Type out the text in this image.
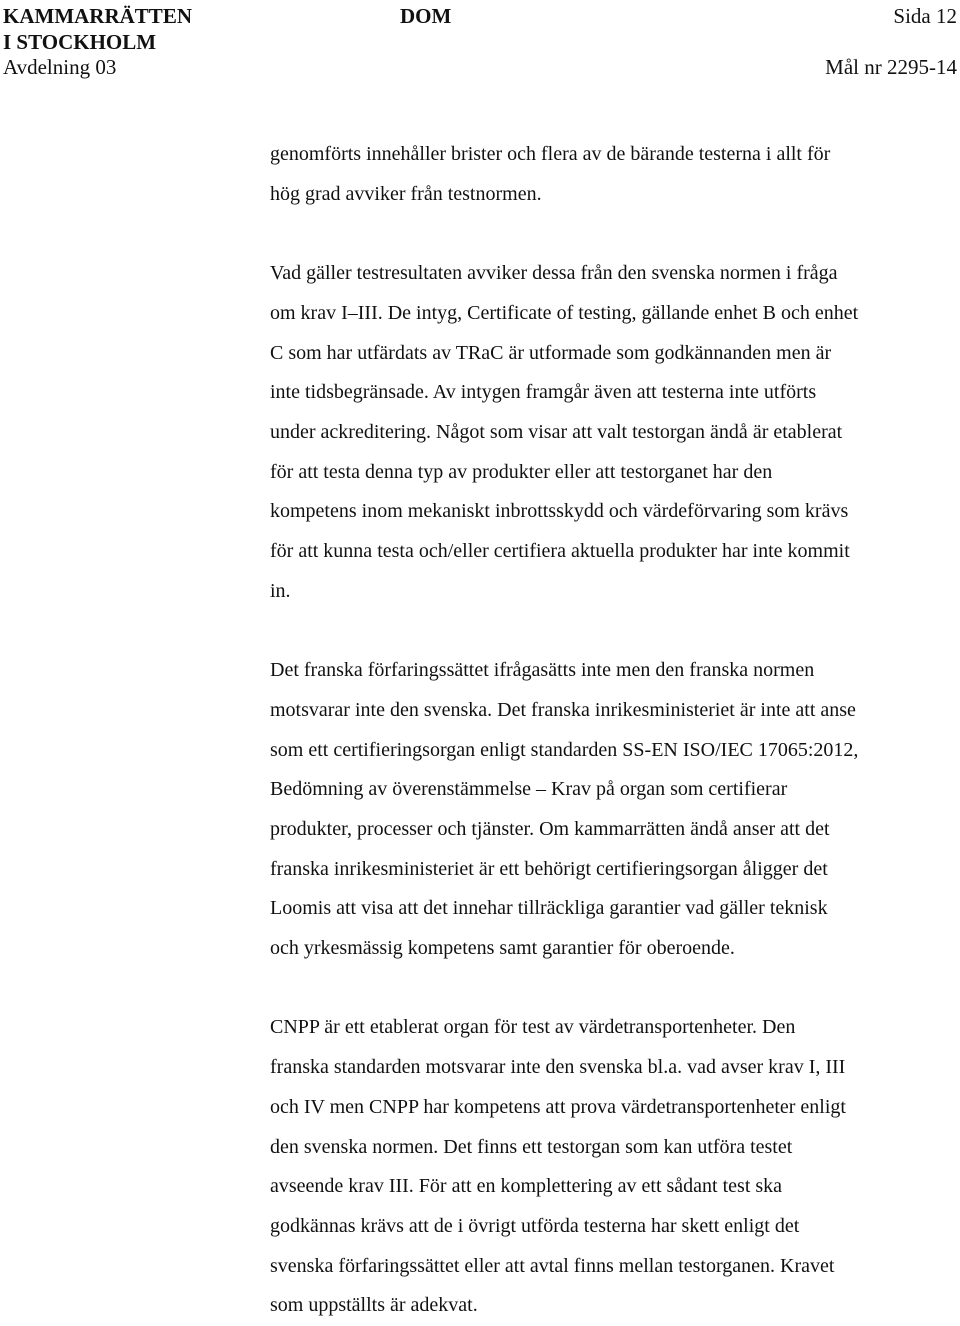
KAMMARRÄTTEN
I STOCKHOLM
Avdelning 03
DOM	Sida 12
Mål nr 2295-14

genomförts innehåller brister och flera av de bärande testerna i allt för
hög grad avviker från testnormen.

Vad gäller testresultaten avviker dessa från den svenska normen i fråga
om krav I–III. De intyg, Certificate of testing, gällande enhet B och enhet
C som har utfärdats av TRaC är utformade som godkännanden men är
inte tidsbegränsade. Av intygen framgår även att testerna inte utförts
under ackreditering. Något som visar att valt testorgan ändå är etablerat
för att testa denna typ av produkter eller att testorganet har den
kompetens inom mekaniskt inbrottsskydd och värdeförvaring som krävs
för att kunna testa och/eller certifiera aktuella produkter har inte kommit
in.

Det franska förfaringssättet ifrågasätts inte men den franska normen
motsvarar inte den svenska. Det franska inrikesministeriet är inte att anse
som ett certifieringsorgan enligt standarden SS-EN ISO/IEC 17065:2012,
Bedömning av överenstämmelse – Krav på organ som certifierar
produkter, processer och tjänster. Om kammarrätten ändå anser att det
franska inrikesministeriet är ett behörigt certifieringsorgan åligger det
Loomis att visa att det innehar tillräckliga garantier vad gäller teknisk
och yrkesmässig kompetens samt garantier för oberoende.

CNPP är ett etablerat organ för test av värdetransportenheter. Den
franska standarden motsvarar inte den svenska bl.a. vad avser krav I, III
och IV men CNPP har kompetens att prova värdetransportenheter enligt
den svenska normen. Det finns ett testorgan som kan utföra testet
avseende krav III. För att en komplettering av ett sådant test ska
godkännas krävs att de i övrigt utförda testerna har skett enligt det
svenska förfaringssättet eller att avtal finns mellan testorganen. Kravet
som uppställts är adekvat.
